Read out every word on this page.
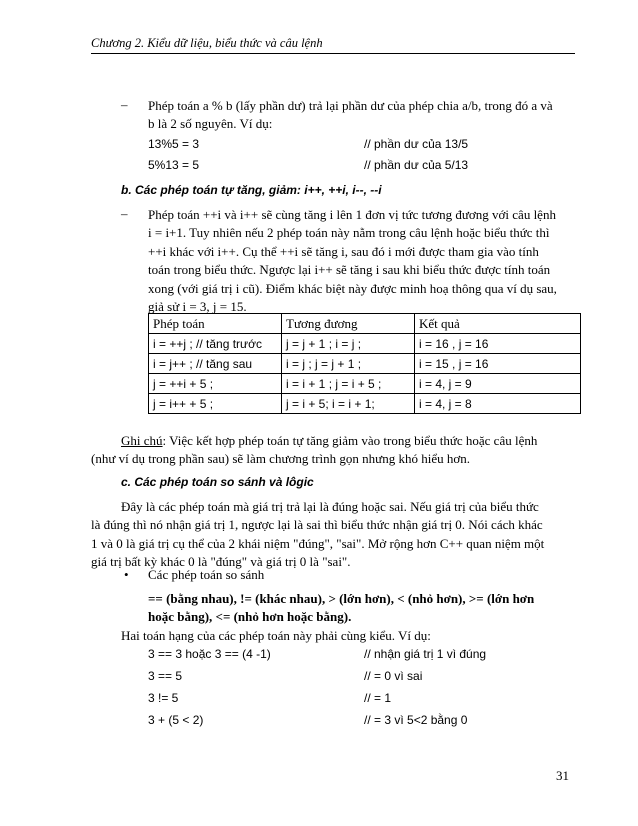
Chương 2. Kiểu dữ liệu, biểu thức và câu lệnh
– Phép toán a % b (lấy phần dư) trả lại phần dư của phép chia a/b, trong đó a và
b là 2 số nguyên. Ví dụ:
13%5 = 3	// phần dư của 13/5
5%13 = 5	// phần dư của 5/13
b. Các phép toán tự tăng, giảm: i++, ++i, i--, --i
– Phép toán ++i và i++ sẽ cùng tăng i lên 1 đơn vị tức tương đương với câu lệnh
i = i+1. Tuy nhiên nếu 2 phép toán này nằm trong câu lệnh hoặc biểu thức thì
++i khác với i++. Cụ thể ++i sẽ tăng i, sau đó i mới được tham gia vào tính
toán trong biểu thức. Ngược lại i++ sẽ tăng i sau khi biểu thức được tính toán
xong (với giá trị i cũ). Điểm khác biệt này được minh hoạ thông qua ví dụ sau,
giả sử i = 3, j = 15.
Phép toán	Tương đương	Kết quả
i = ++j ; // tăng trước	j = j + 1 ; i = j ;	i = 16 , j = 16
i = j++ ; // tăng sau	i = j ; j = j + 1 ;	i = 15 , j = 16
j = ++i + 5 ;	i = i + 1 ; j = i + 5 ;	i = 4, j = 9
j = i++ + 5 ;	j = i + 5; i = i + 1;	i = 4, j = 8
Ghi chú: Việc kết hợp phép toán tự tăng giảm vào trong biểu thức hoặc câu lệnh
(như ví dụ trong phần sau) sẽ làm chương trình gọn nhưng khó hiểu hơn.
c. Các phép toán so sánh và lôgic
Đây là các phép toán mà giá trị trả lại là đúng hoặc sai. Nếu giá trị của biểu thức
là đúng thì nó nhận giá trị 1, ngược lại là sai thì biểu thức nhận giá trị 0. Nói cách khác
1 và 0 là giá trị cụ thể của 2 khái niệm "đúng", "sai". Mở rộng hơn C++ quan niệm một
giá trị bất kỳ khác 0 là "đúng" và giá trị 0 là "sai".
• Các phép toán so sánh
== (bằng nhau), != (khác nhau), > (lớn hơn), < (nhỏ hơn), >= (lớn hơn
hoặc bằng), <= (nhỏ hơn hoặc bằng).
Hai toán hạng của các phép toán này phải cùng kiểu. Ví dụ:
3 == 3 hoặc 3 == (4 -1)	// nhận giá trị 1 vì đúng
3 == 5	// = 0 vì sai
3 != 5	// = 1
3 + (5 < 2)	// = 3 vì 5<2 bằng 0
31
